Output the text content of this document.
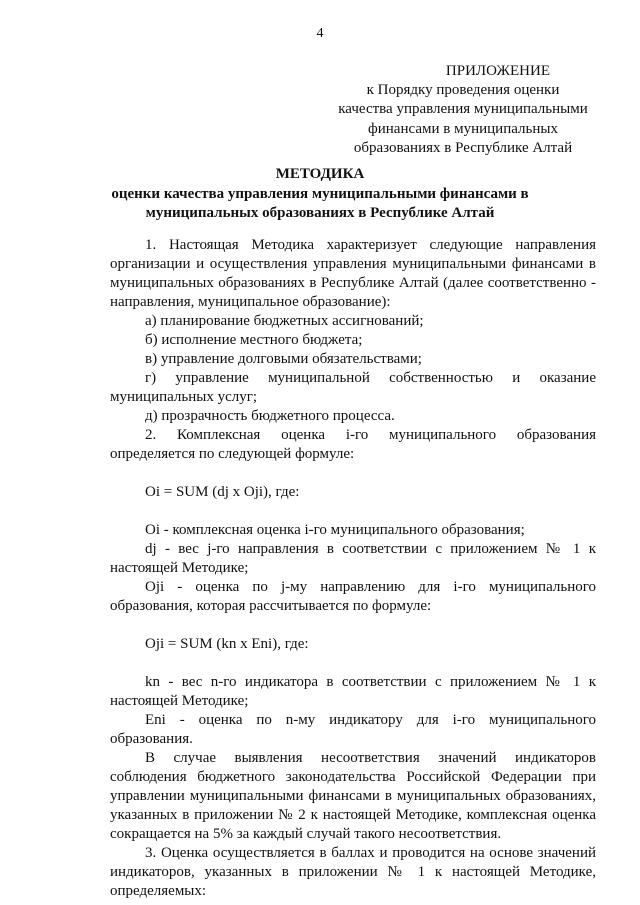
4
ПРИЛОЖЕНИЕ
к Порядку проведения оценки
качества управления муниципальными
финансами в муниципальных
образованиях в Республике Алтай
МЕТОДИКА
оценки качества управления муниципальными финансами в
муниципальных образованиях в Республике Алтай
1. Настоящая Методика характеризует следующие направления
организации и осуществления управления муниципальными финансами в
муниципальных образованиях в Республике Алтай (далее соответственно -
направления, муниципальное образование):
а) планирование бюджетных ассигнований;
б) исполнение местного бюджета;
в) управление долговыми обязательствами;
г) управление муниципальной собственностью и оказание
муниципальных услуг;
д) прозрачность бюджетного процесса.
2. Комплексная оценка i-го муниципального образования
определяется по следующей формуле:
Oi = SUM (dj x Oji), где:
Oi - комплексная оценка i-го муниципального образования;
dj - вес j-го направления в соответствии с приложением № 1 к
настоящей Методике;
Oji - оценка по j-му направлению для i-го муниципального
образования, которая рассчитывается по формуле:
Oji = SUM (kn x Eni), где:
kn - вес n-го индикатора в соответствии с приложением № 1 к
настоящей Методике;
Eni - оценка по n-му индикатору для i-го муниципального
образования.
В случае выявления несоответствия значений индикаторов
соблюдения бюджетного законодательства Российской Федерации при
управлении муниципальными финансами в муниципальных образованиях,
указанных в приложении № 2 к настоящей Методике, комплексная оценка
сокращается на 5% за каждый случай такого несоответствия.
3. Оценка осуществляется в баллах и проводится на основе значений
индикаторов, указанных в приложении № 1 к настоящей Методике,
определяемых:
